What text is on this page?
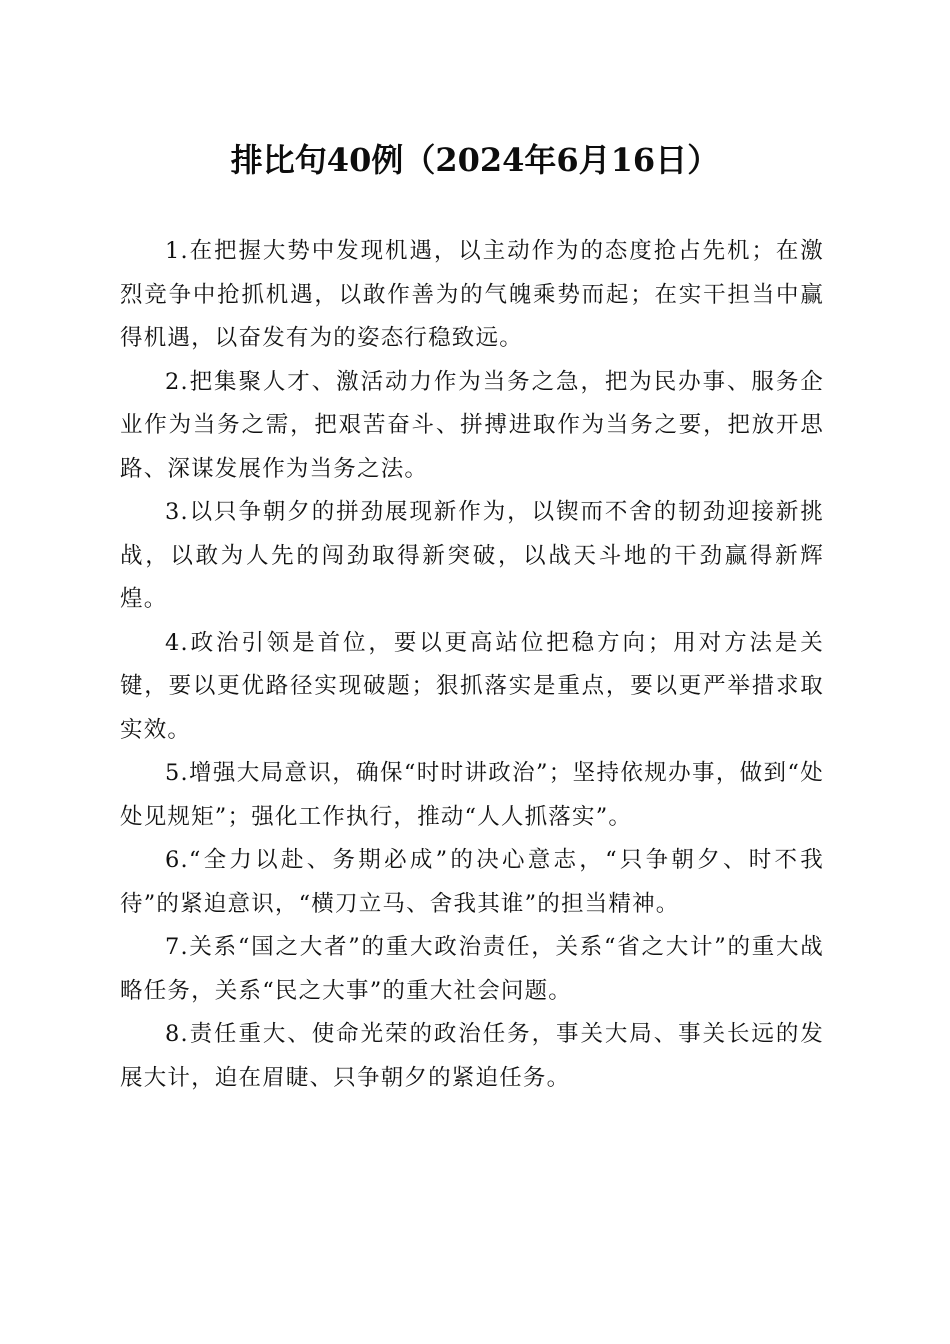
排比句40例（2024年6月16日）

1.在把握大势中发现机遇，以主动作为的态度抢占先机；在激烈竞争中抢抓机遇，以敢作善为的气魄乘势而起；在实干担当中赢得机遇，以奋发有为的姿态行稳致远。

2.把集聚人才、激活动力作为当务之急，把为民办事、服务企业作为当务之需，把艰苦奋斗、拼搏进取作为当务之要，把放开思路、深谋发展作为当务之法。

3.以只争朝夕的拼劲展现新作为，以锲而不舍的韧劲迎接新挑战，以敢为人先的闯劲取得新突破，以战天斗地的干劲赢得新辉煌。

4.政治引领是首位，要以更高站位把稳方向；用对方法是关键，要以更优路径实现破题；狠抓落实是重点，要以更严举措求取实效。

5.增强大局意识，确保“时时讲政治”；坚持依规办事，做到“处处见规矩”；强化工作执行，推动“人人抓落实”。

6.“全力以赴、务期必成”的决心意志，“只争朝夕、时不我待”的紧迫意识，“横刀立马、舍我其谁”的担当精神。

7.关系“国之大者”的重大政治责任，关系“省之大计”的重大战略任务，关系“民之大事”的重大社会问题。

8.责任重大、使命光荣的政治任务，事关大局、事关长远的发展大计，迫在眉睫、只争朝夕的紧迫任务。
